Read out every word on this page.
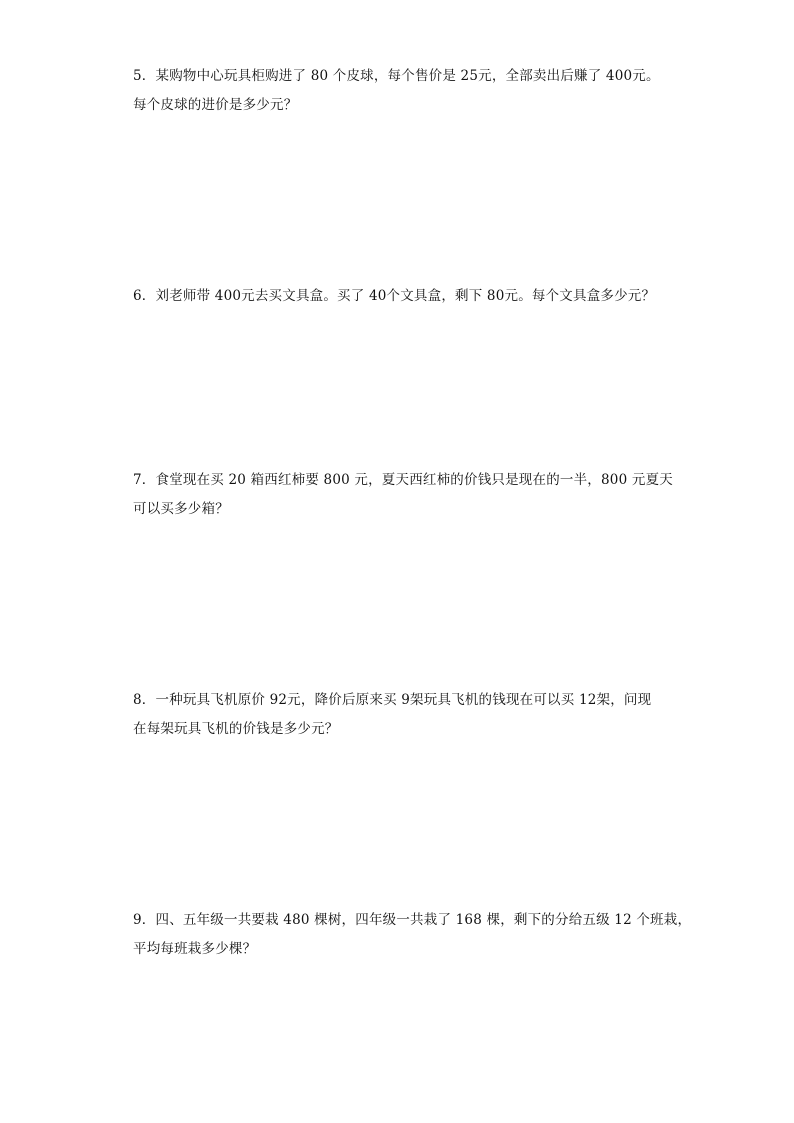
5．某购物中心玩具柜购进了 80 个皮球，每个售价是 25元，全部卖出后赚了 400元。
每个皮球的进价是多少元？
6．刘老师带 400元去买文具盒。买了 40个文具盒，剩下 80元。每个文具盒多少元？
7．食堂现在买 20 箱西红柿要 800 元，夏天西红柿的价钱只是现在的一半，800 元夏天
可以买多少箱？
8．一种玩具飞机原价 92元，降价后原来买 9架玩具飞机的钱现在可以买 12架，问现
在每架玩具飞机的价钱是多少元？
9．四、五年级一共要栽 480 棵树，四年级一共栽了 168 棵，剩下的分给五级 12 个班栽，
平均每班栽多少棵？
